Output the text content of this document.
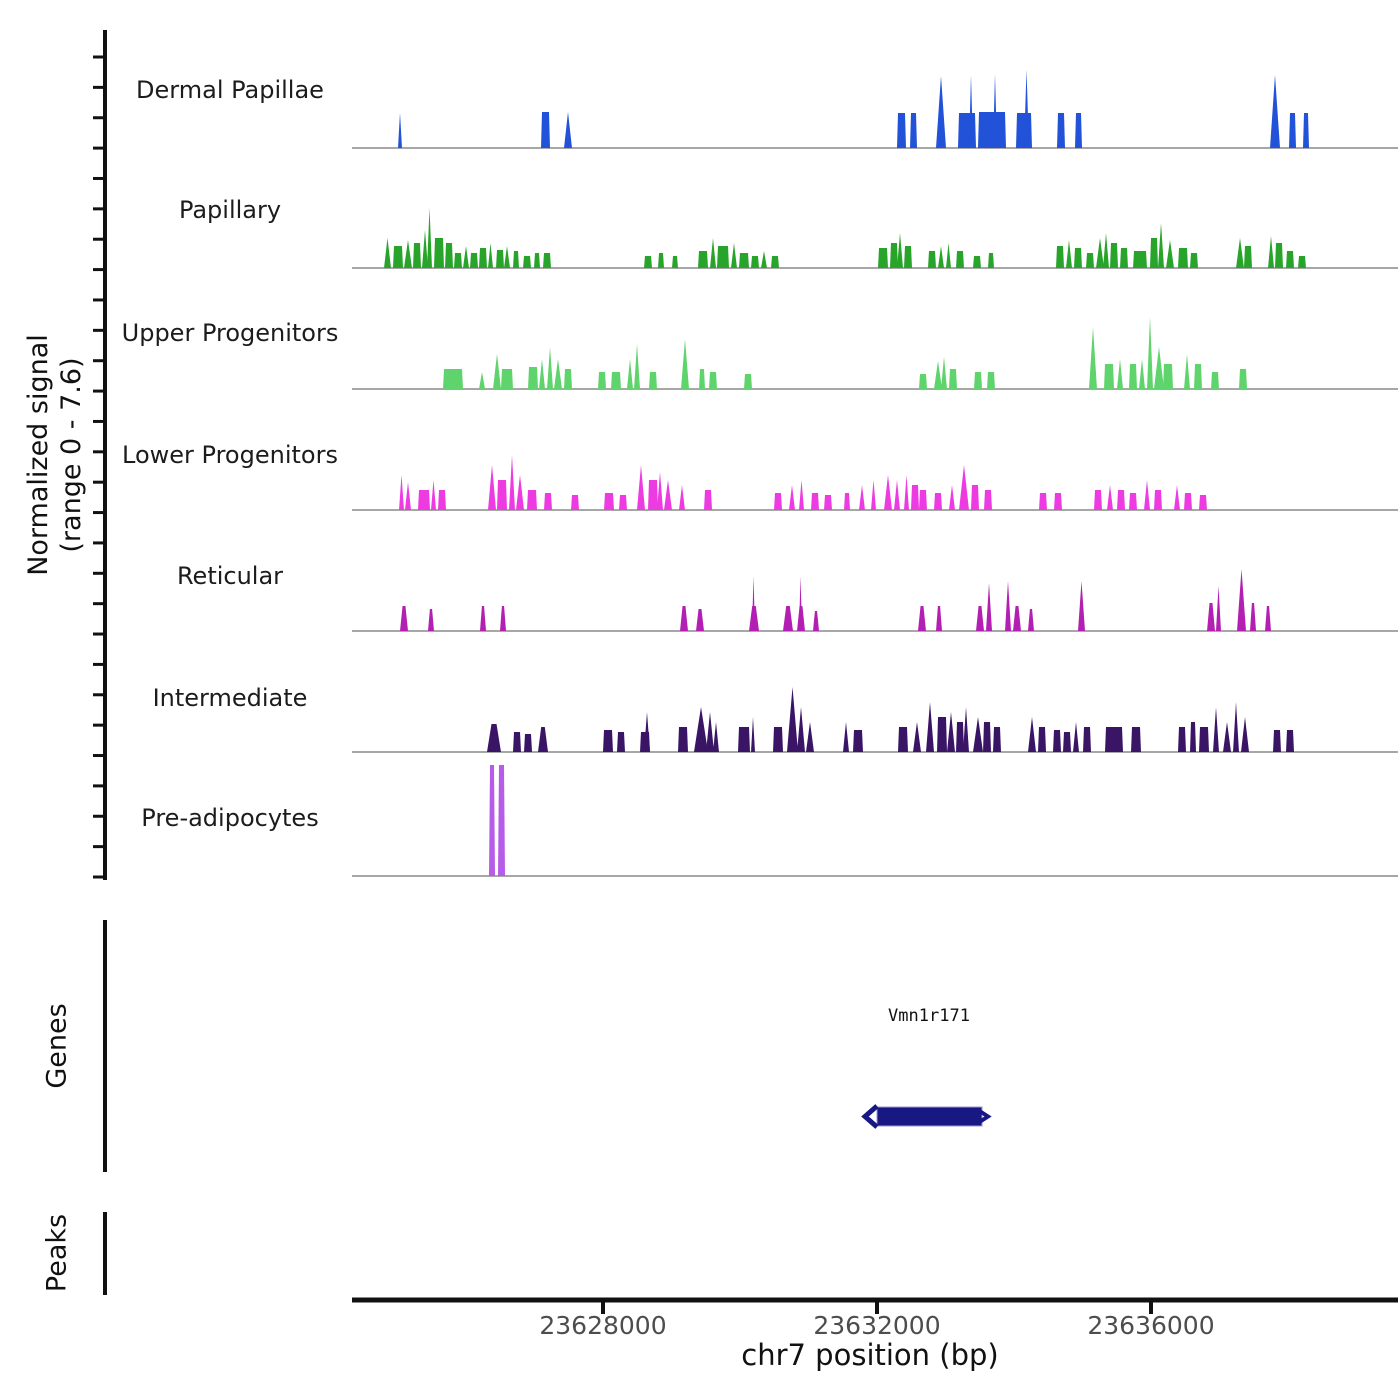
Normalized signal (range 0 - 7.6)
Dermal Papillae
Papillary
Upper Progenitors
Lower Progenitors
Reticular
Intermediate
Pre-adipocytes
Genes
Peaks
Vmn1r171
23628000	23632000	23636000
chr7 position (bp)
